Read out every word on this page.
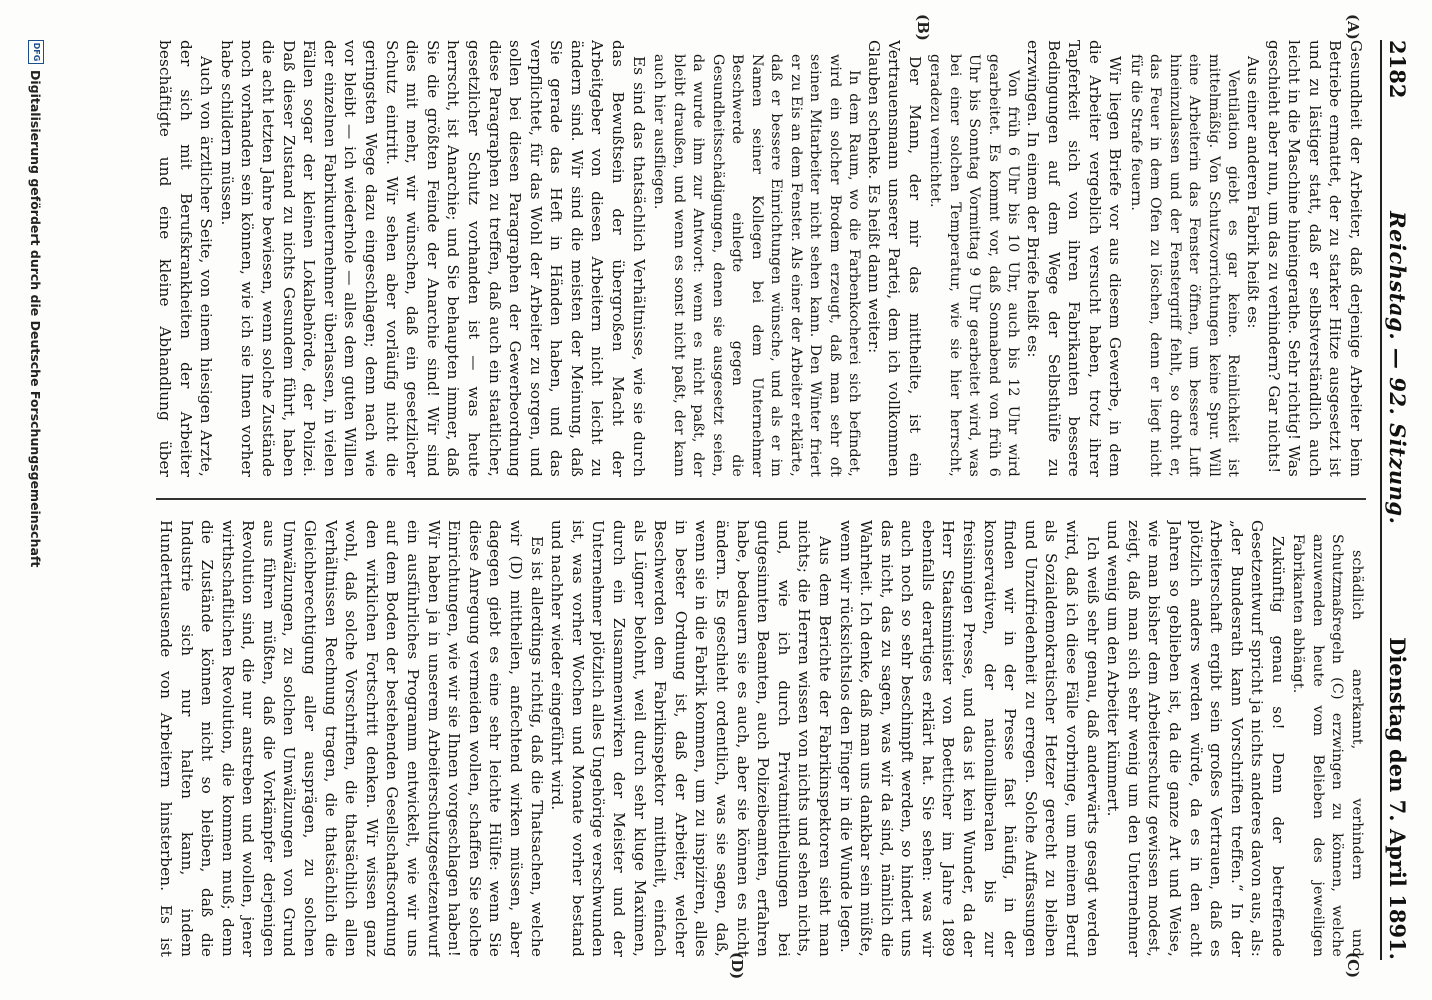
2182
Reichstag. — 92. Sitzung.
Dienstag den 7. April 1891.
(A)
(B)
(C)
(D)

Gesundheit der Arbeiter, daß derjenige Arbeiter beim Betriebe ermattet, der zu starker Hitze ausgesetzt ist und zu lästiger statt, daß er selbstverständlich auch leicht in die Maschine hineingerathe. Sehr richtig! Was geschieht aber nun, um das zu verhindern? Gar nichts!

Aus einer anderen Fabrik heißt es:

Ventilation giebt es gar keine. Reinlichkeit ist mittelmäßig. Von Schutzvorrichtungen keine Spur. Will eine Arbeiterin das Fenster öffnen, um bessere Luft hineinzulassen und der Fenstergriff fehlt, so droht er, das Feuer in dem Ofen zu löschen, denn er liegt nicht für die Strafe feuern.

Wir liegen Briefe vor aus diesem Gewerbe, in dem die Arbeiter vergeblich versucht haben, trotz ihrer Tapferkeit sich von ihren Fabrikanten bessere Bedingungen auf dem Wege der Selbsthülfe zu erzwingen. In einem der Briefe heißt es:

Von früh 6 Uhr bis 10 Uhr, auch bis 12 Uhr wird gearbeitet. Es kommt vor, daß Sonnabend von früh 6 Uhr bis Sonntag Vormittag 9 Uhr gearbeitet wird, was bei einer solchen Temperatur, wie sie hier herrscht, geradezu vernichtet.

Der Mann, der mir das mittheilte, ist ein Vertrauensmann unserer Partei, dem ich vollkommen Glauben schenke. Es heißt dann weiter:

In dem Raum, wo die Farbenkocherei sich befindet, wird ein solcher Brodem erzeugt, daß man sehr oft seinen Mitarbeiter nicht sehen kann. Den Winter friert er zu Eis an dem Fenster. Als einer der Arbeiter erklärte, daß er bessere Einrichtungen wünsche, und als er im Namen seiner Kollegen bei dem Unternehmer Beschwerde einlegte gegen die Gesundheitsschädigungen, denen sie ausgesetzt seien, da wurde ihm zur Antwort: wenn es nicht paßt, der bleibt draußen, und wenn es sonst nicht paßt, der kann auch hier ausfliegen.

Es sind das thatsächlich Verhältnisse, wie sie durch das Bewußtsein der übergroßen Macht der Arbeitgeber von diesen Arbeitern nicht leicht zu ändern sind. Wir sind die meisten der Meinung, daß Sie gerade das Heft in Händen haben, und das verpflichtet, für das Wohl der Arbeiter zu sorgen, und sollen bei diesen Paragraphen der Gewerbeordnung diese Paragraphen zu treffen, daß auch ein staatlicher, gesetzlicher Schutz vorhanden ist — was heute herrscht, ist Anarchie; und Sie behaupten immer, daß Sie die größten Feinde der Anarchie sind! Wir sind dies mit mehr, wir wünschen, daß ein gesetzlicher Schutz eintritt. Wir sehen aber vorläufig nicht die geringsten Wege dazu eingeschlagen; denn nach wie vor bleibt — ich wiederhole — alles dem guten Willen der einzelnen Fabrikunternehmer überlassen, in vielen Fällen sogar der kleinen Lokalbehörde, der Polizei. Daß dieser Zustand zu nichts Gesundem führt, haben die acht letzten Jahre bewiesen, wenn solche Zustände noch vorhanden sein können, wie ich sie Ihnen vorher habe schildern müssen.

Auch von ärztlicher Seite, von einem hiesigen Arzte, der sich mit Berufskrankheiten der Arbeiter beschäftigte und eine kleine Abhandlung über

schädlich anerkannt, verhindern und Schutzmaßregeln (C) erzwingen zu können, welche anzuwenden heute vom Belieben des jeweiligen Fabrikanten abhängt.

Zukünftig genau so! Denn der betreffende Gesetzentwurf spricht ja nichts anderes davon aus, als: „der Bundesrath kann Vorschriften treffen.“ In der Arbeiterschaft ergibt sein großes Vertrauen, daß es plötzlich anders werden würde, da es in den acht Jahren so geblieben ist, da die ganze Art und Weise, wie man bisher dem Arbeiterschutz gewissen modest, zeigt, daß man sich sehr wenig um den Unternehmer und wenig um den Arbeiter kümmert.

Ich weiß sehr genau, daß anderwärts gesagt werden wird, daß ich diese Fälle vorbringe, um meinem Beruf als Sozialdemokratischer Hetzer gerecht zu bleiben und Unzufriedenheit zu erregen. Solche Auffassungen finden wir in der Presse fast häufig, in der konservativen, der nationalliberalen bis zur freisinnigen Presse, und das ist kein Wunder, da der Herr Staatsminister von Boetticher im Jahre 1889 ebenfalls derartiges erklärt hat. Sie sehen: was wir auch noch so sehr beschimpft werden, so hindert uns das nicht, das zu sagen, was wir da sind, nämlich die Wahrheit. Ich denke, daß man uns dankbar sein müßte, wenn wir rücksichtslos den Finger in die Wunde legen.

Aus dem Berichte der Fabrikinspektoren sieht man nichts; die Herren wissen von nichts und sehen nichts, und, wie ich durch Privatmittheilungen bei gutgesinnten Beamten, auch Polizeibeamten, erfahren habe, bedauern sie es auch, aber sie können es nicht ändern. Es geschieht ordentlich, was sie sagen, daß, wenn sie in die Fabrik kommen, um zu inspiziren, alles in bester Ordnung ist, daß der Arbeiter, welcher Beschwerden dem Fabrikinspektor mittheilt, einfach als Lügner belohnt, weil durch sehr kluge Maximen, durch ein Zusammenwirken der Meister und der Unternehmer plötzlich alles Ungehörige verschwunden ist, was vorher Wochen und Monate vorher bestand und nachher wieder eingeführt wird.

Es ist allerdings richtig, daß die Thatsachen, welche wir (D) mittheilen, anfechtend wirken müssen, aber dagegen giebt es eine sehr leichte Hülfe: wenn Sie diese Anregung vermeiden wollen, schaffen Sie solche Einrichtungen, wie wir sie Ihnen vorgeschlagen haben! Wir haben ja in unserem Arbeiterschutzgesetzentwurf ein ausführliches Programm entwickelt, wie wir uns auf dem Boden der bestehenden Gesellschaftsordnung den wirklichen Fortschritt denken. Wir wissen ganz wohl, daß solche Vorschriften, die thatsächlich allen Verhältnissen Rechnung tragen, die thatsächlich die Gleichberechtigung aller ausprägen, zu solchen Umwälzungen, zu solchen Umwälzungen von Grund aus führen müßten, daß die Vorkämpfer derjenigen Revolution sind, die nur anstreben und wollen, jener wirthschaftlichen Revolution, die kommen muß; denn die Zustände können nicht so bleiben, daß die Industrie sich nur halten kann, indem Hunderttausende von Arbeitern hinsterben. Es ist

DFG
Digitalisierung gefördert durch die Deutsche Forschungsgemeinschaft
